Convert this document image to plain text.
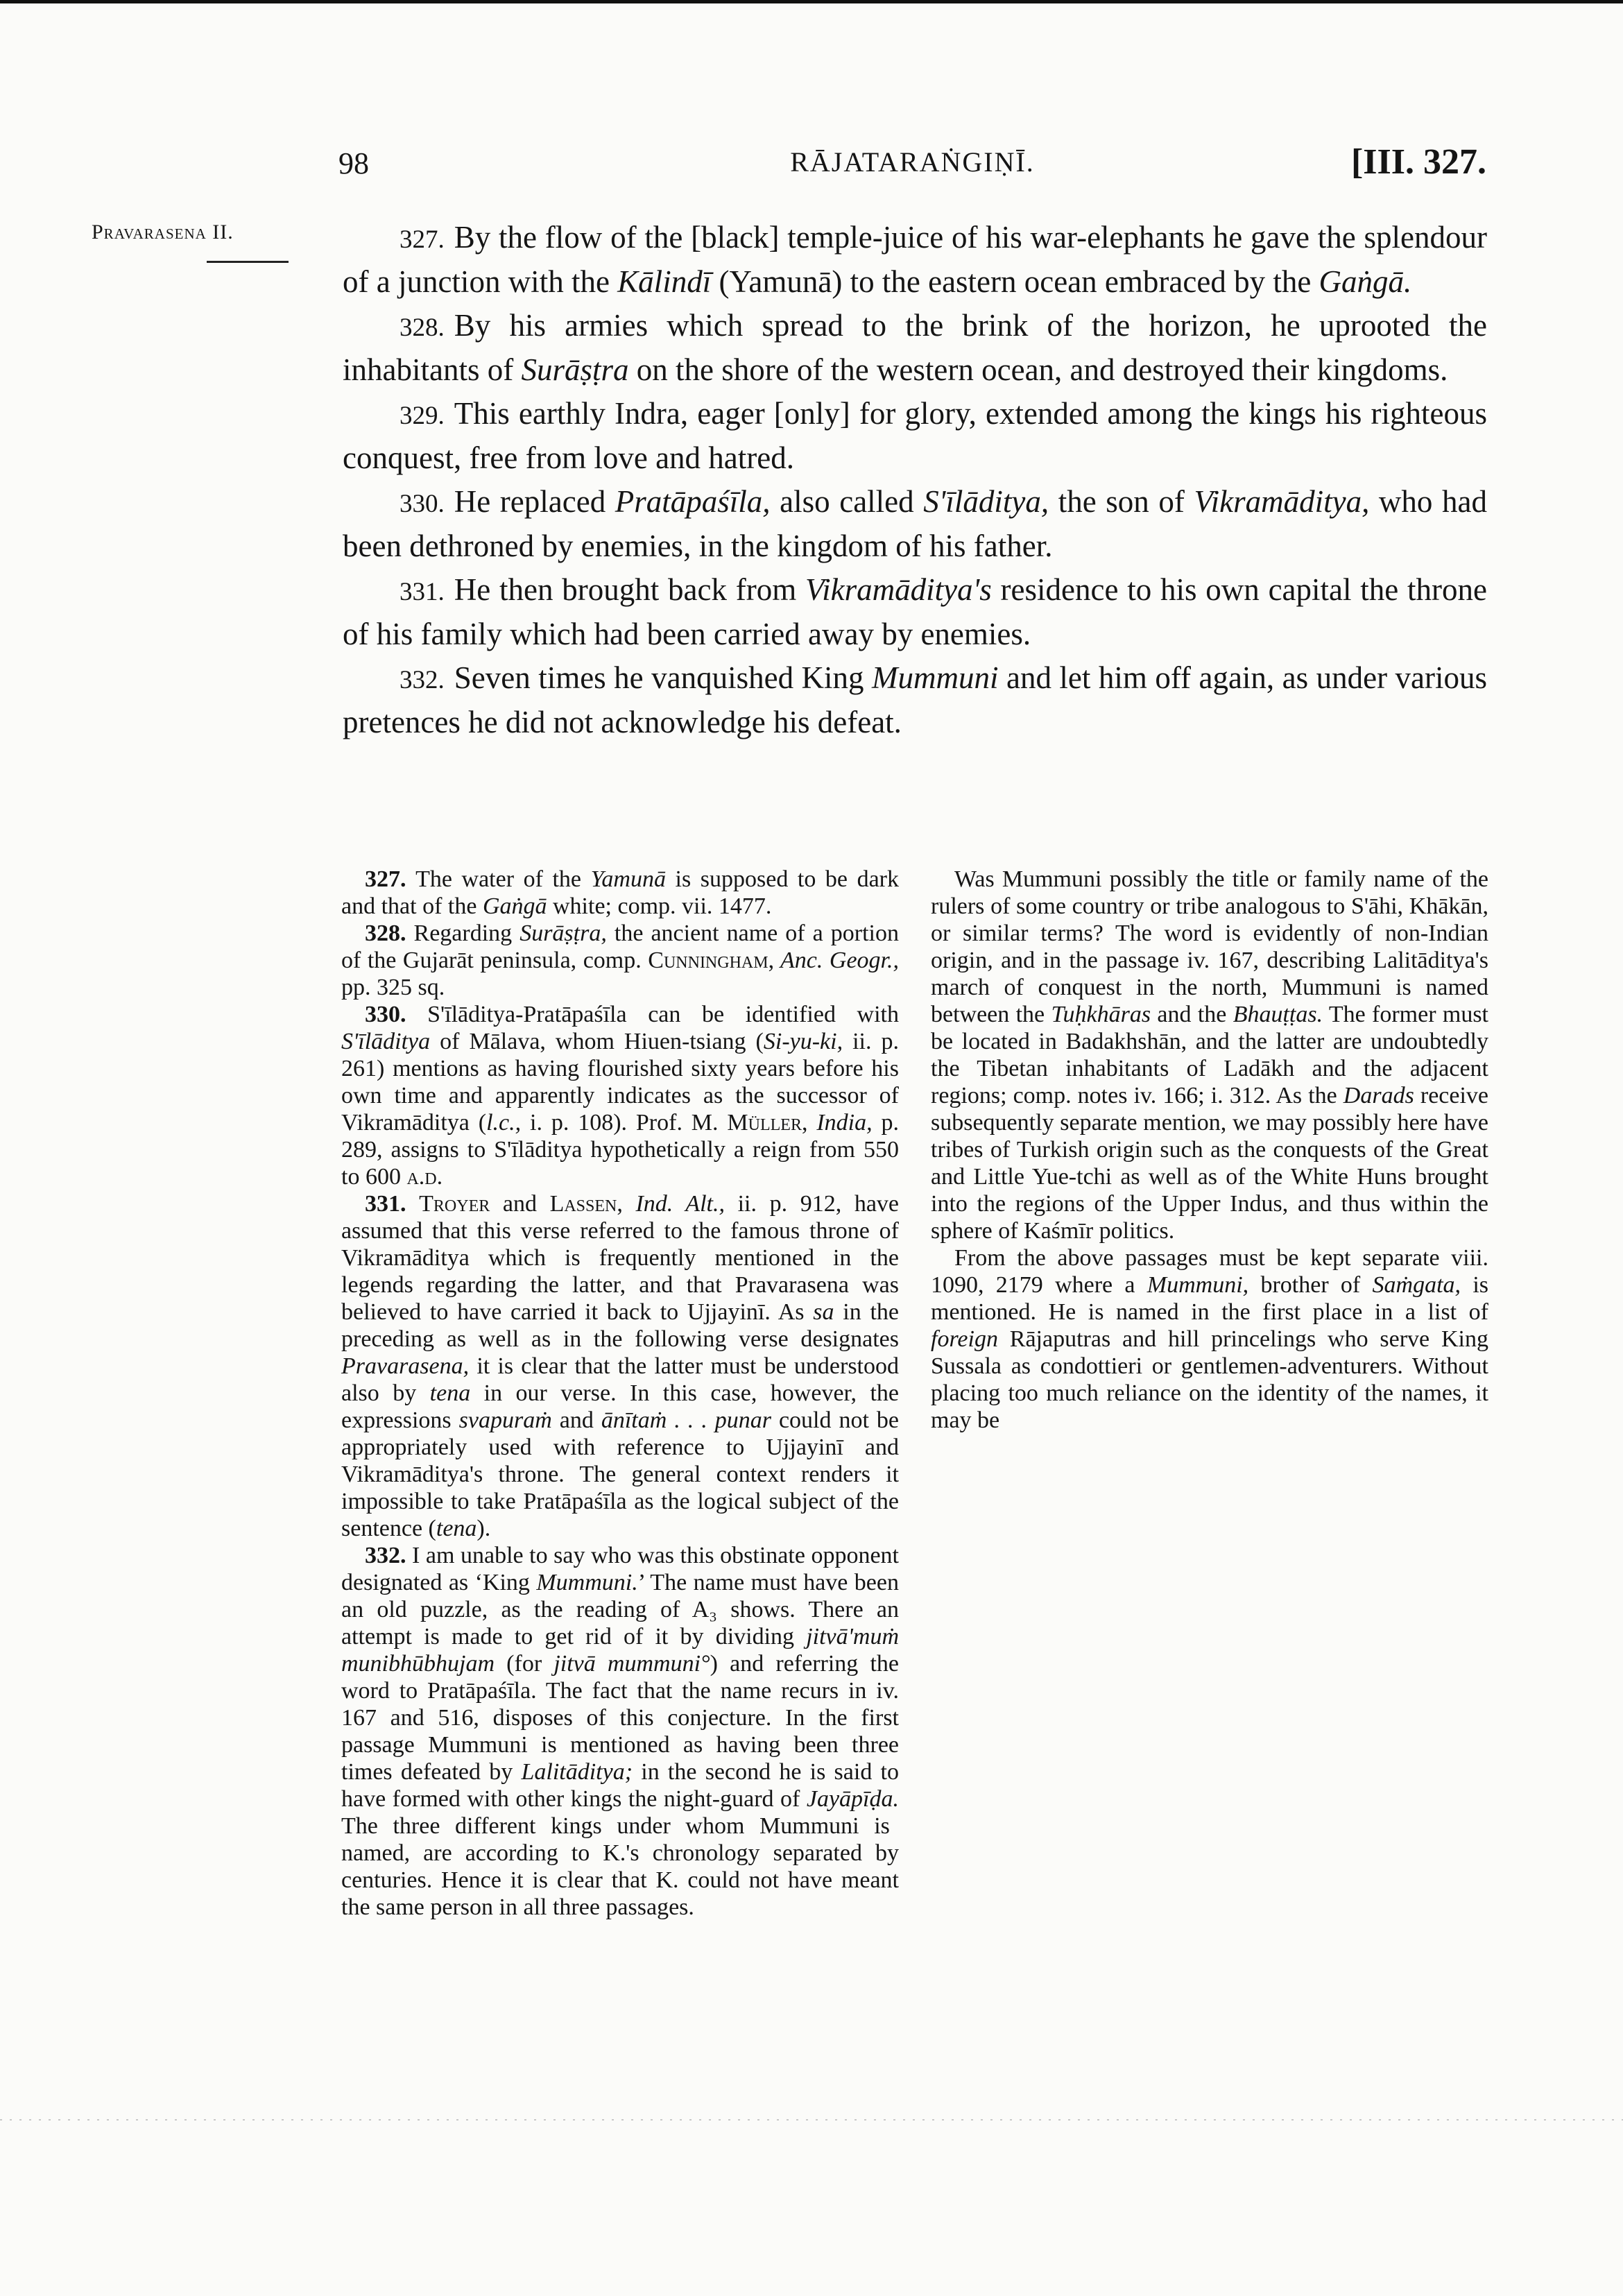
98	RĀJATARAṄGIṆĪ.	[III. 327.
Pravarasena II.	327. By the flow of the [black] temple-juice of his war-elephants he gave the splendour of a junction with the Kālindī (Yamunā) to the eastern ocean embraced by the Gaṅgā.

328. By his armies which spread to the brink of the horizon, he uprooted the inhabitants of Surāṣṭra on the shore of the western ocean, and destroyed their kingdoms.

329. This earthly Indra, eager [only] for glory, extended among the kings his righteous conquest, free from love and hatred.

330. He replaced Pratāpaśīla, also called S'īlāditya, the son of Vikramāditya, who had been dethroned by enemies, in the kingdom of his father.

331. He then brought back from Vikramāditya's residence to his own capital the throne of his family which had been carried away by enemies.

332. Seven times he vanquished King Mummuni and let him off again, as under various pretences he did not acknowledge his defeat.

327. The water of the Yamunā is supposed to be dark and that of the Gaṅgā white; comp. vii. 1477.

328. Regarding Surāṣṭra, the ancient name of a portion of the Gujarāt peninsula, comp. Cunningham, Anc. Geogr., pp. 325 sq.

330. S'īlāditya-Pratāpaśīla can be identified with S'īlāditya of Mālava, whom Hiuen-tsiang (Si-yu-ki, ii. p. 261) mentions as having flourished sixty years before his own time and apparently indicates as the successor of Vikramāditya (l.c., i. p. 108). Prof. M. Müller, India, p. 289, assigns to S'īlāditya hypothetically a reign from 550 to 600 a.d.

331. Troyer and Lassen, Ind. Alt., ii. p. 912, have assumed that this verse referred to the famous throne of Vikramāditya which is frequently mentioned in the legends regarding the latter, and that Pravarasena was believed to have carried it back to Ujjayinī. As sa in the preceding as well as in the following verse designates Pravarasena, it is clear that the latter must be understood also by tena in our verse. In this case, however, the expressions svapuraṁ and ānītaṁ . . . punar could not be appropriately used with reference to Ujjayinī and Vikramāditya's throne. The general context renders it impossible to take Pratāpaśīla as the logical subject of the sentence (tena).

332. I am unable to say who was this obstinate opponent designated as ‘King Mummuni.’ The name must have been an old puzzle, as the reading of A₃ shows. There an attempt is made to get rid of it by dividing jitvā'muṁ munibhūbhujam (for jitvā mummuni°) and referring the word to Pratāpaśīla. The fact that the name recurs in iv. 167 and 516, disposes of this conjecture. In the first passage Mummuni is mentioned as having been three times defeated by Lalitāditya; in the second he is said to have formed with other kings the night-guard of Jayāpīḍa. The three different kings under whom Mummuni is named, are according to K.'s chronology separated by centuries. Hence it is clear that K. could not have meant the same person in all three passages.

Was Mummuni possibly the title or family name of the rulers of some country or tribe analogous to S'āhi, Khākān, or similar terms? The word is evidently of non-Indian origin, and in the passage iv. 167, describing Lalitāditya's march of conquest in the north, Mummuni is named between the Tuḥkhāras and the Bhauṭṭas. The former must be located in Badakhshān, and the latter are undoubtedly the Tibetan inhabitants of Ladākh and the adjacent regions; comp. notes iv. 166; i. 312. As the Darads receive subsequently separate mention, we may possibly here have tribes of Turkish origin such as the conquests of the Great and Little Yue-tchi as well as of the White Huns brought into the regions of the Upper Indus, and thus within the sphere of Kaśmīr politics.

From the above passages must be kept separate viii. 1090, 2179 where a Mummuni, brother of Saṁgata, is mentioned. He is named in the first place in a list of foreign Rājaputras and hill princelings who serve King Sussala as condottieri or gentlemen-adventurers. Without placing too much reliance on the identity of the names, it may be
